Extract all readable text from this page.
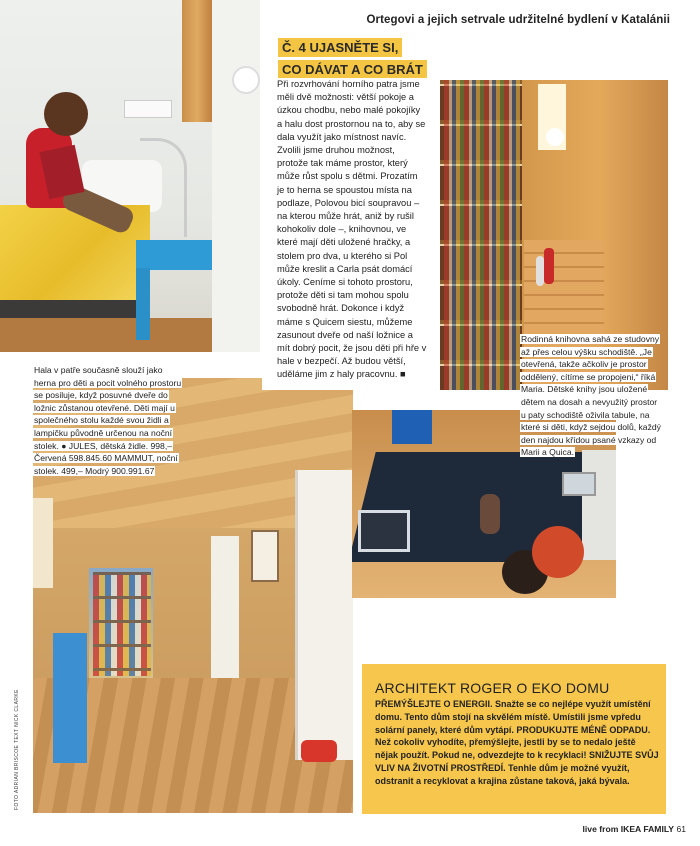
Ortegovi a jejich setrvale udržitelné bydlení v Katalánii
Č. 4 UJASNĚTE SI,
CO DÁVAT A CO BRÁT

Při rozvrhování horního patra jsme měli dvě možnosti: větší pokoje a úzkou chodbu, nebo malé pokojíky a halu dost prostornou na to, aby se dala využít jako místnost navíc. Zvolili jsme druhou možnost, protože tak máme prostor, který může růst spolu s dětmi. Prozatím je to herna se spoustou místa na podlaze, Polovou bicí soupravou – na kterou může hrát, aniž by rušil kohokoliv dole –, knihovnou, ve které mají děti uložené hračky, a stolem pro dva, u kterého si Pol může kreslit a Carla psát domácí úkoly. Ceníme si tohoto prostoru, protože děti si tam mohou spolu svobodně hrát. Dokonce i když máme s Quicem siestu, můžeme zasunout dveře od naší ložnice a mít dobrý pocit, že jsou děti při hře v hale v bezpečí. Až budou větší, uděláme jim z haly pracovnu. ■

Hala v patře současně slouží jako herna pro děti a pocit volného prostoru se posiluje, když posuvné dveře do ložnic zůstanou otevřené. Děti mají u společného stolu každé svou židli a lampičku původně určenou na noční stolek. ● JULES, dětská židle. 998,– Červená 598.845.60 MAMMUT, noční stolek. 499,– Modrý 900.991.67
Rodinná knihovna sahá ze studovny až přes celou výšku schodiště. „Je otevřená, takže ačkoliv je prostor oddělený, cítíme se propojeni,“ říká Maria. Dětské knihy jsou uložené dětem na dosah a nevyužitý prostor u paty schodiště oživila tabule, na které si děti, když sejdou dolů, každý den najdou křídou psané vzkazy od Marii a Quica.
ARCHITEKT ROGER O EKO DOMU

PŘEMÝŠLEJTE O ENERGII. Snažte se co nejlépe využít umístění domu. Tento dům stojí na skvělém místě. Umístili jsme vpředu solární panely, které dům vytápí. PRODUKUJTE MÉNĚ ODPADU. Než cokoliv vyhodíte, přemýšlejte, jestli by se to nedalo ještě nějak použít. Pokud ne, odvezdejte to k recyklaci! SNIŽUJTE SVŮJ VLIV NA ŽIVOTNÍ PROSTŘEDÍ. Tenhle dům je možné využít, odstranit a recyklovat a krajina zůstane taková, jaká bývala.

live from IKEA FAMILY 61
FOTO ADRIAN BRISCOE TEXT NICK CLARKE
